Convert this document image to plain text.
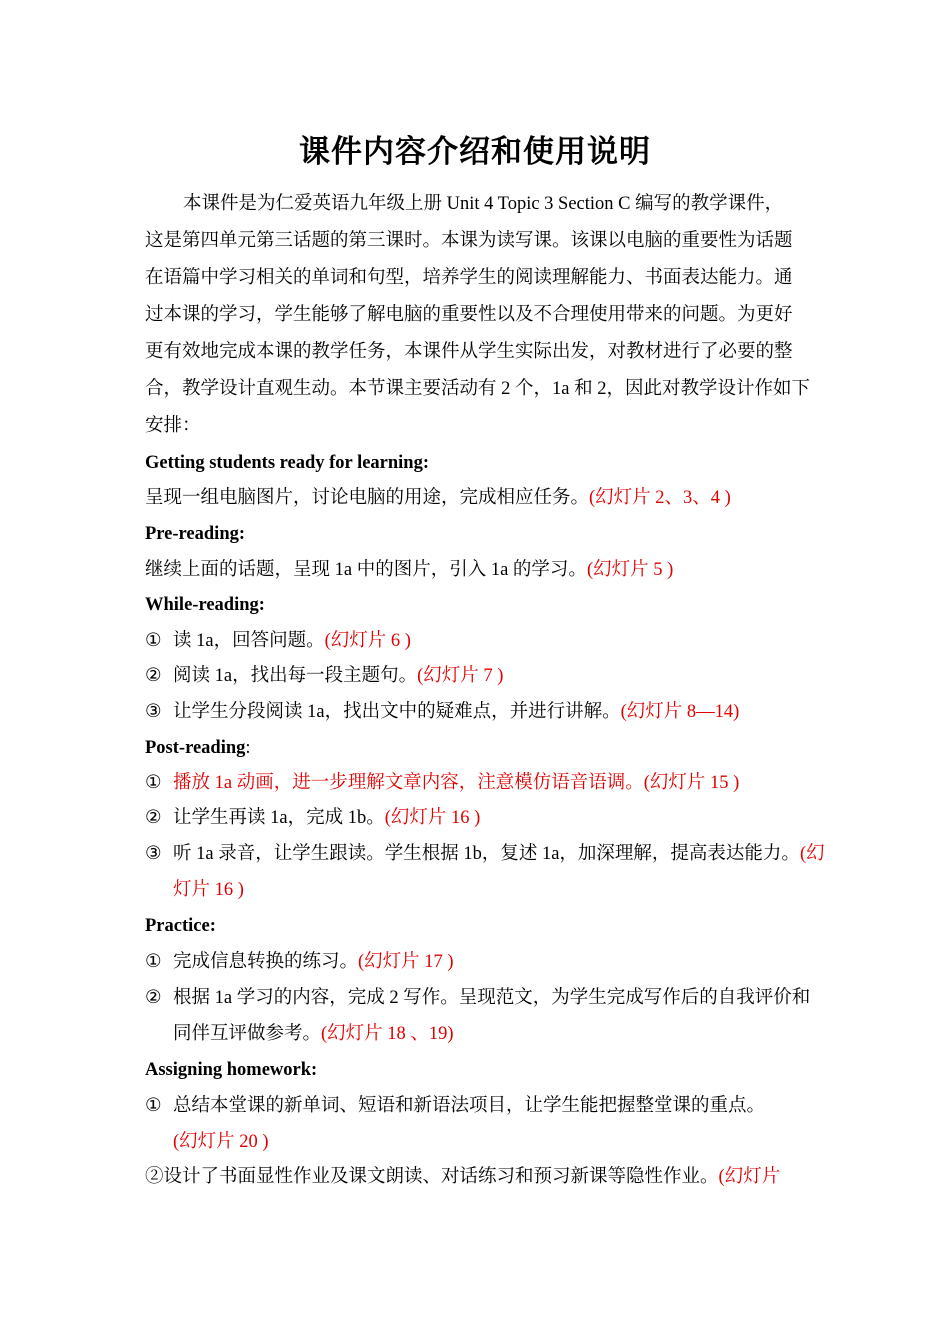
课件内容介绍和使用说明
本课件是为仁爱英语九年级上册 Unit 4 Topic 3 Section C 编写的教学课件，
这是第四单元第三话题的第三课时。本课为读写课。该课以电脑的重要性为话题
在语篇中学习相关的单词和句型，培养学生的阅读理解能力、书面表达能力。通
过本课的学习，学生能够了解电脑的重要性以及不合理使用带来的问题。为更好
更有效地完成本课的教学任务，本课件从学生实际出发，对教材进行了必要的整
合，教学设计直观生动。本节课主要活动有 2 个，1a 和 2，因此对教学设计作如下
安排：
Getting students ready for learning:
呈现一组电脑图片，讨论电脑的用途，完成相应任务。(幻灯片 2、3、4 )
Pre-reading:
继续上面的话题，呈现 1a 中的图片，引入 1a 的学习。(幻灯片 5 )
While-reading:
① 读 1a，回答问题。(幻灯片 6 )
② 阅读 1a，找出每一段主题句。(幻灯片 7 )
③ 让学生分段阅读 1a，找出文中的疑难点，并进行讲解。(幻灯片 8—14)
Post-reading:
① 播放 1a 动画，进一步理解文章内容，注意模仿语音语调。(幻灯片 15 )
② 让学生再读 1a，完成 1b。(幻灯片 16 )
③ 听 1a 录音，让学生跟读。学生根据 1b，复述 1a，加深理解，提高表达能力。(幻
灯片 16 )
Practice:
① 完成信息转换的练习。(幻灯片 17 )
② 根据 1a 学习的内容，完成 2 写作。呈现范文，为学生完成写作后的自我评价和
同伴互评做参考。(幻灯片 18 、19)
Assigning homework:
① 总结本堂课的新单词、短语和新语法项目，让学生能把握整堂课的重点。
(幻灯片 20 )
②设计了书面显性作业及课文朗读、对话练习和预习新课等隐性作业。(幻灯片
